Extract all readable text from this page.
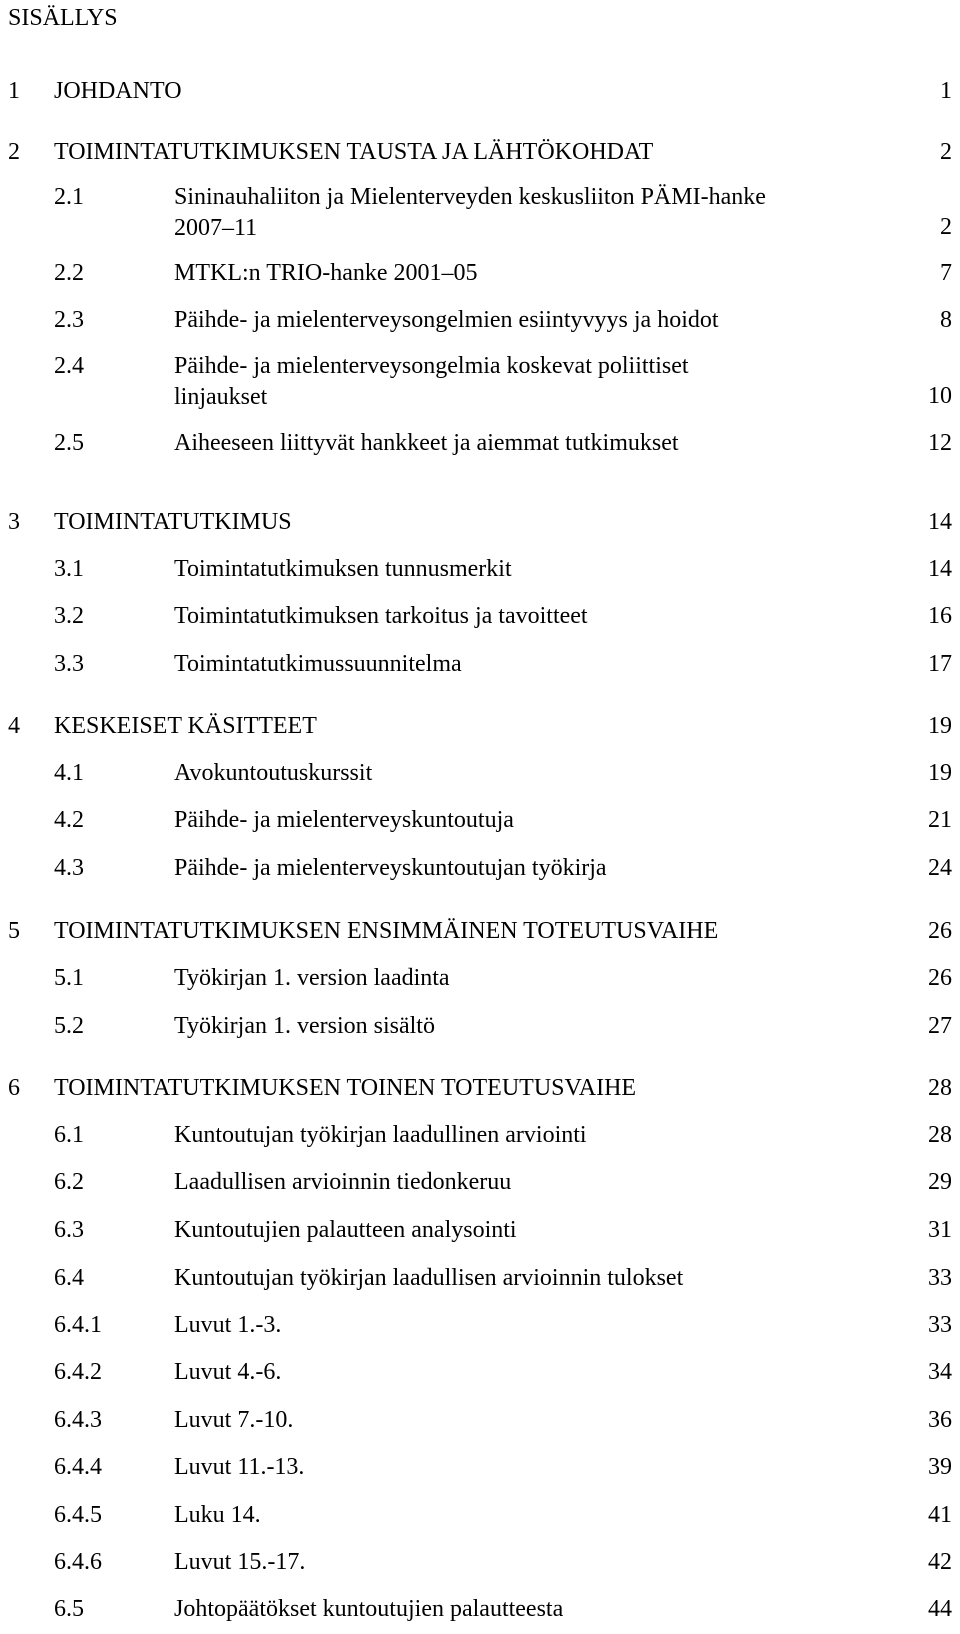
SISÄLLYS
1 JOHDANTO	1
2 TOIMINTATUTKIMUKSEN TAUSTA JA LÄHTÖKOHDAT	2
2.1	Sininauhaliiton ja Mielenterveyden keskusliiton PÄMI-hanke
2007–11	2
2.2	MTKL:n TRIO-hanke 2001–05	7
2.3	Päihde- ja mielenterveysongelmien esiintyvyys ja hoidot	8
2.4	Päihde- ja mielenterveysongelmia koskevat poliittiset
linjaukset	10
2.5	Aiheeseen liittyvät hankkeet ja aiemmat tutkimukset	12
3 TOIMINTATUTKIMUS	14
3.1	Toimintatutkimuksen tunnusmerkit	14
3.2	Toimintatutkimuksen tarkoitus ja tavoitteet	16
3.3	Toimintatutkimussuunnitelma	17
4 KESKEISET KÄSITTEET	19
4.1	Avokuntoutuskurssit	19
4.2	Päihde- ja mielenterveyskuntoutuja	21
4.3	Päihde- ja mielenterveyskuntoutujan työkirja	24
5 TOIMINTATUTKIMUKSEN ENSIMMÄINEN TOTEUTUSVAIHE	26
5.1	Työkirjan 1. version laadinta	26
5.2	Työkirjan 1. version sisältö	27
6 TOIMINTATUTKIMUKSEN TOINEN TOTEUTUSVAIHE	28
6.1	Kuntoutujan työkirjan laadullinen arviointi	28
6.2	Laadullisen arvioinnin tiedonkeruu	29
6.3	Kuntoutujien palautteen analysointi	31
6.4	Kuntoutujan työkirjan laadullisen arvioinnin tulokset	33
6.4.1	Luvut 1.-3.	33
6.4.2	Luvut 4.-6.	34
6.4.3	Luvut 7.-10.	36
6.4.4	Luvut 11.-13.	39
6.4.5	Luku 14.	41
6.4.6	Luvut 15.-17.	42
6.5	Johtopäätökset kuntoutujien palautteesta	44
